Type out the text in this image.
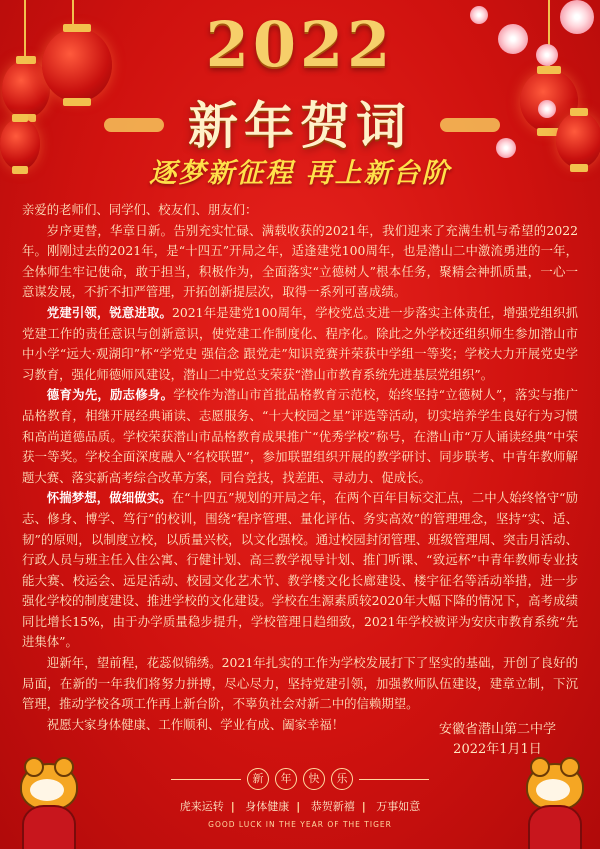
2022
新年贺词
逐梦新征程 再上新台阶

亲爱的老师们、同学们、校友们、朋友们：

岁序更替，华章日新。告别充实忙碌、满载收获的2021年，我们迎来了充满生机与希望的2022年。刚刚过去的2021年，是“十四五”开局之年，适逢建党100周年，也是潜山二中激流勇进的一年，全体师生牢记使命，敢于担当，积极作为，全面落实“立德树人”根本任务，聚精会神抓质量，一心一意谋发展，不折不扣严管理，开拓创新提层次，取得一系列可喜成绩。

党建引领，锐意进取。2021年是建党100周年，学校党总支进一步落实主体责任，增强党组织抓党建工作的责任意识与创新意识，使党建工作制度化、程序化。除此之外学校还组织师生参加潜山市中小学“远大·观湖印”杯“学党史 强信念 跟党走”知识竞赛并荣获中学组一等奖；学校大力开展党史学习教育，强化师德师风建设，潜山二中党总支荣获“潜山市教育系统先进基层党组织”。

德育为先，励志修身。学校作为潜山市首批品格教育示范校，始终坚持“立德树人”，落实与推广品格教育，相继开展经典诵读、志愿服务、“十大校园之星”评选等活动，切实培养学生良好行为习惯和高尚道德品质。学校荣获潜山市品格教育成果推广“优秀学校”称号，在潜山市“万人诵读经典”中荣获一等奖。学校全面深度融入“名校联盟”，参加联盟组织开展的教学研讨、同步联考、中青年教师解题大赛、落实新高考综合改革方案，同台竞技，找差距、寻动力、促成长。

怀揣梦想，做细做实。在“十四五”规划的开局之年，在两个百年目标交汇点，二中人始终恪守“励志、修身、博学、笃行”的校训，围绕“程序管理、量化评估、务实高效”的管理理念，坚持“实、适、韧”的原则，以制度立校，以质量兴校，以文化强校。通过校园封闭管理、班级管理周、突击月活动、行政人员与班主任入住公寓、行健计划、高三教学视导计划、推门听课、“致远杯”中青年教师专业技能大赛、校运会、远足活动、校园文化艺术节、教学楼文化长廊建设、楼宇征名等活动举措，进一步强化学校的制度建设、推进学校的文化建设。学校在生源素质较2020年大幅下降的情况下，高考成绩同比增长15%，由于办学质量稳步提升，学校管理日趋细致，2021年学校被评为安庆市教育系统“先进集体”。

迎新年，望前程，花蕊似锦绣。2021年扎实的工作为学校发展打下了坚实的基础，开创了良好的局面，在新的一年我们将努力拼搏，尽心尽力，坚持党建引领，加强教师队伍建设，建章立制，下沉管理，推动学校各项工作再上新台阶，不辜负社会对新二中的信赖期望。

祝愿大家身体健康、工作顺利、学业有成、阖家幸福！	安徽省潜山第二中学
2022年1月1日
新	年	快	乐
虎来运转 | 身体健康 | 恭贺新禧 | 万事如意
GOOD LUCK IN THE YEAR OF THE TIGER
